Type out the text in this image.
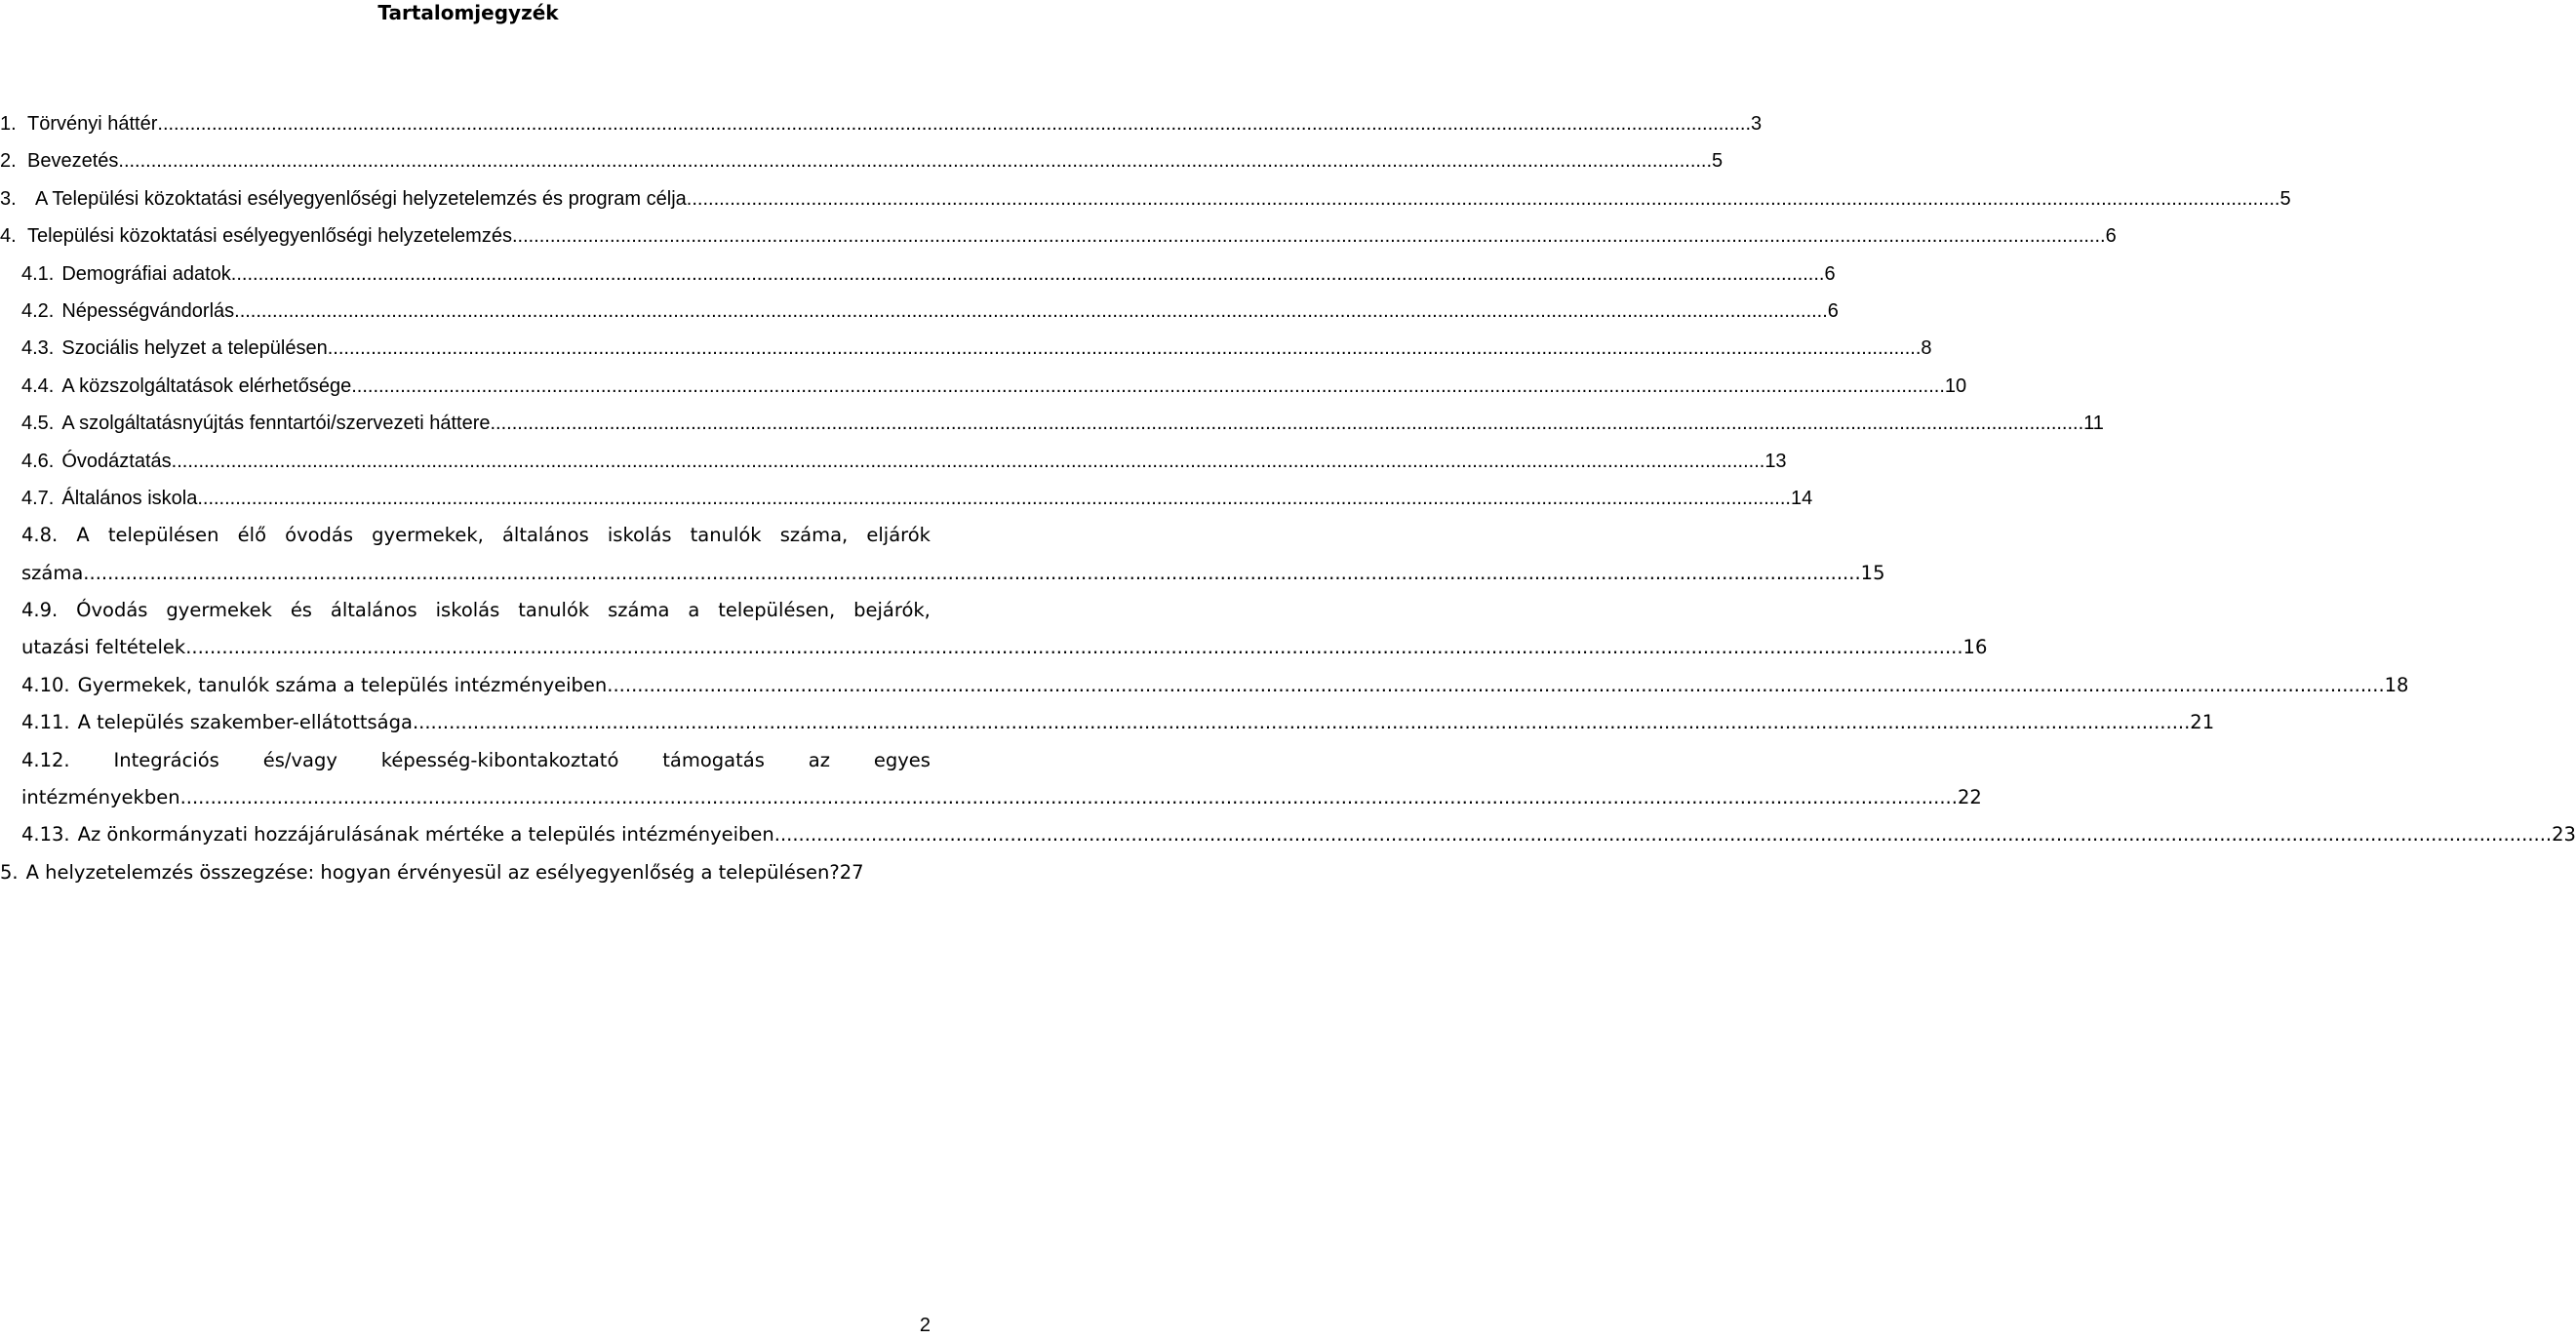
Tartalomjegyzék
1. Törvényi háttér .....	3
2. Bevezetés .....	5
3. A Települési közoktatási esélyegyenlőségi helyzetelemzés és program célja .....	5
4. Települési közoktatási esélyegyenlőségi helyzetelemzés .....	6
4.1. Demográfiai adatok .....	6
4.2. Népességvándorlás .....	6
4.3. Szociális helyzet a településen .....	8
4.4. A közszolgáltatások elérhetősége .....	10
4.5. A szolgáltatásnyújtás fenntartói/szervezeti háttere .....	11
4.6. Óvodáztatás .....	13
4.7. Általános iskola .....	14
4.8. A településen élő óvodás gyermekek, általános iskolás tanulók száma, eljárók
száma .....	15
4.9. Óvodás gyermekek és általános iskolás tanulók száma a településen, bejárók,
utazási feltételek .....	16
4.10. Gyermekek, tanulók száma a település intézményeiben .....	18
4.11. A település szakember-ellátottsága .....	21
4.12. Integrációs és/vagy képesség-kibontakoztató támogatás az egyes
intézményekben .....	22
4.13. Az önkormányzati hozzájárulásának mértéke a település intézményeiben .....	23
5. A helyzetelemzés összegzése: hogyan érvényesül az esélyegyenlőség a településen? 27
2
